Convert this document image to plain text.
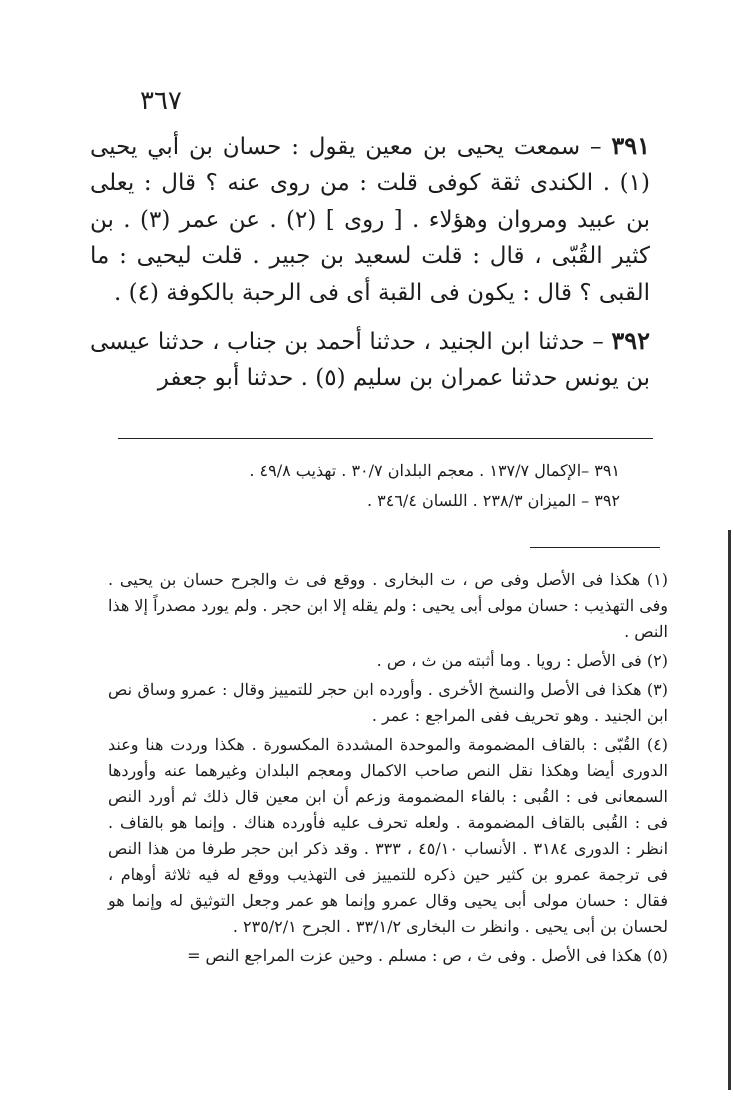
٣٦٧

٣٩١ – سمعت يحيى بن معين يقول : حسان بن أبي يحيى (١) . الكندى ثقة كوفى قلت : من روى عنه ؟ قال : يعلى بن عبيد ومروان وهؤلاء . [ روى ] (٢) . عن عمر (٣) . بن كثير القُبّى ، قال : قلت لسعيد بن جبير . قلت ليحيى : ما القبى ؟ قال : يكون فى القبة أى فى الرحبة بالكوفة (٤) .

٣٩٢ – حدثنا ابن الجنيد ، حدثنا أحمد بن جناب ، حدثنا عيسى بن يونس حدثنا عمران بن سليم (٥) . حدثنا أبو جعفر

٣٩١ –الإكمال ١٣٧/٧ . معجم البلدان ٣٠/٧ . تهذيب ٤٩/٨ .

٣٩٢ – الميزان ٢٣٨/٣ . اللسان ٣٤٦/٤ .

(١) هكذا فى الأصل وفى ص ، ت البخارى . ووقع فى ث والجرح حسان بن يحيى . وفى التهذيب : حسان مولى أبى يحيى : ولم يقله إلا ابن حجر . ولم يورد مصدراً إلا هذا النص .

(٢) فى الأصل : رويا . وما أثبته من ث ، ص .

(٣) هكذا فى الأصل والنسخ الأخرى . وأورده ابن حجر للتمييز وقال : عمرو وساق نص ابن الجنيد . وهو تحريف ففى المراجع : عمر .

(٤) القُبّى : بالقاف المضمومة والموحدة المشددة المكسورة . هكذا وردت هنا وعند الدورى أيضا وهكذا نقل النص صاحب الاكمال ومعجم البلدان وغيرهما عنه وأوردها السمعانى فى : القُبى : بالفاء المضمومة وزعم أن ابن معين قال ذلك ثم أورد النص فى : القُبى بالقاف المضمومة . ولعله تحرف عليه فأورده هناك . وإنما هو بالقاف . انظر : الدورى ٣١٨٤ . الأنساب ٤٥/١٠ ، ٣٣٣ . وقد ذكر ابن حجر طرفا من هذا النص فى ترجمة عمرو بن كثير حين ذكره للتمييز فى التهذيب ووقع له فيه ثلاثة أوهام ، فقال : حسان مولى أبى يحيى وقال عمرو وإنما هو عمر وجعل التوثيق له وإنما هو لحسان بن أبى يحيى . وانظر ت البخارى ٣٣/١/٢ . الجرح ٢٣٥/٢/١ .

(٥) هكذا فى الأصل . وفى ث ، ص : مسلم . وحين عزت المراجع النص =
